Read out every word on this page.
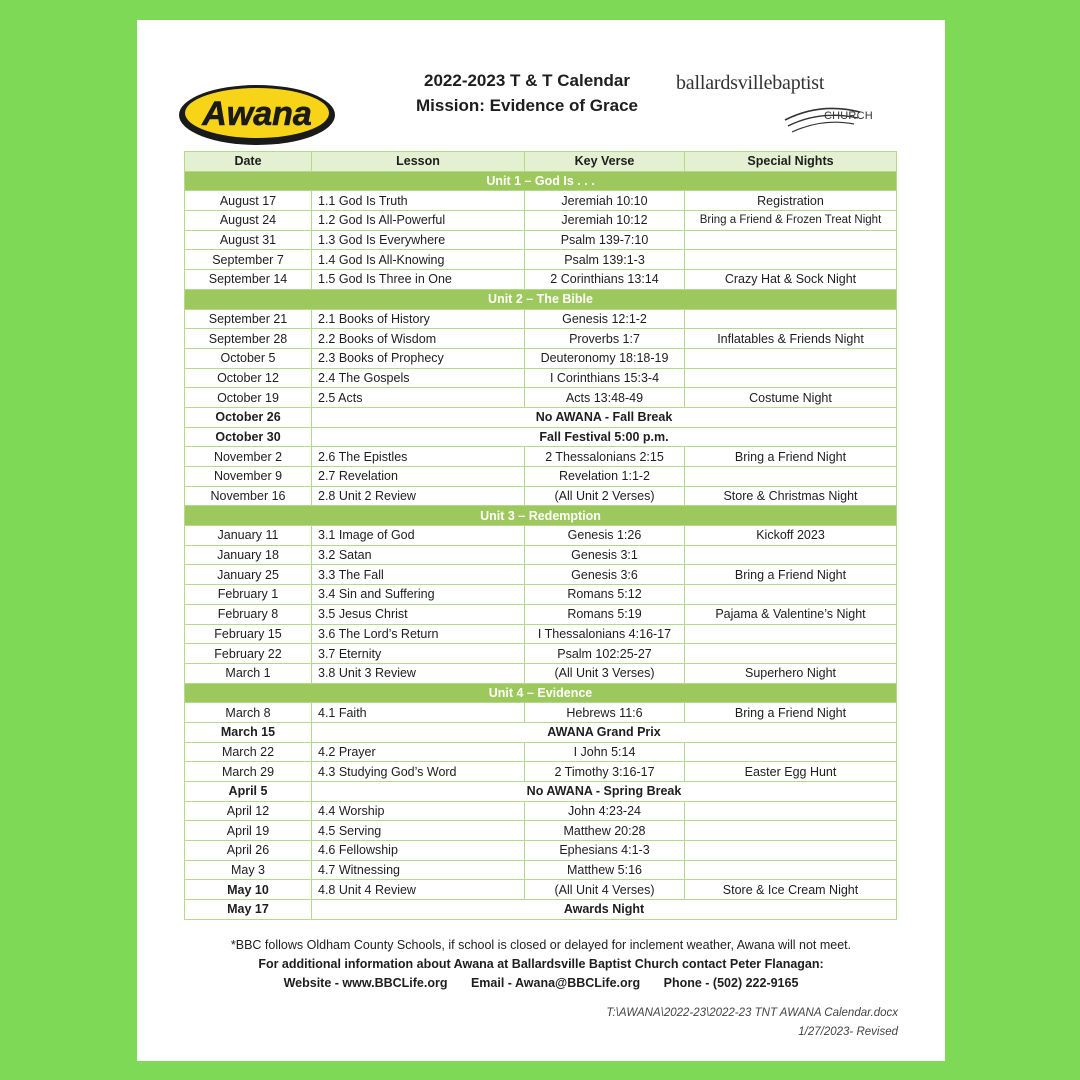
Awana
2022-2023 T & T Calendar
Mission: Evidence of Grace
ballardsvillebaptist
CHURCH
Date	Lesson	Key Verse	Special Nights
Unit 1 – God Is . . .			
August 17	1.1 God Is Truth	Jeremiah 10:10	Registration
August 24	1.2 God Is All-Powerful	Jeremiah 10:12	Bring a Friend & Frozen Treat Night
August 31	1.3 God Is Everywhere	Psalm 139-7:10	
September 7	1.4 God Is All-Knowing	Psalm 139:1-3	
September 14	1.5 God Is Three in One	2 Corinthians 13:14	Crazy Hat & Sock Night
Unit 2 – The Bible			
September 21	2.1 Books of History	Genesis 12:1-2	
September 28	2.2 Books of Wisdom	Proverbs 1:7	Inflatables & Friends Night
October 5	2.3 Books of Prophecy	Deuteronomy 18:18-19	
October 12	2.4 The Gospels	I Corinthians 15:3-4	
October 19	2.5 Acts	Acts 13:48-49	Costume Night
October 26	No AWANA - Fall Break		
October 30	Fall Festival 5:00 p.m.		
November 2	2.6 The Epistles	2 Thessalonians 2:15	Bring a Friend Night
November 9	2.7 Revelation	Revelation 1:1-2	
November 16	2.8 Unit 2 Review	(All Unit 2 Verses)	Store & Christmas Night
Unit 3 – Redemption			
January 11	3.1 Image of God	Genesis 1:26	Kickoff 2023
January 18	3.2 Satan	Genesis 3:1	
January 25	3.3 The Fall	Genesis 3:6	Bring a Friend Night
February 1	3.4 Sin and Suffering	Romans 5:12	
February 8	3.5 Jesus Christ	Romans 5:19	Pajama & Valentine’s Night
February 15	3.6 The Lord’s Return	I Thessalonians 4:16-17	
February 22	3.7 Eternity	Psalm 102:25-27	
March 1	3.8 Unit 3 Review	(All Unit 3 Verses)	Superhero Night
Unit 4 – Evidence			
March 8	4.1 Faith	Hebrews 11:6	Bring a Friend Night
March 15	AWANA Grand Prix		
March 22	4.2 Prayer	I John 5:14	
March 29	4.3 Studying God’s Word	2 Timothy 3:16-17	Easter Egg Hunt
April 5	No AWANA - Spring Break		
April 12	4.4 Worship	John 4:23-24	
April 19	4.5 Serving	Matthew 20:28	
April 26	4.6 Fellowship	Ephesians 4:1-3	
May 3	4.7 Witnessing	Matthew 5:16	
May 10	4.8 Unit 4 Review	(All Unit 4 Verses)	Store & Ice Cream Night
May 17	Awards Night		
*BBC follows Oldham County Schools, if school is closed or delayed for inclement weather, Awana will not meet.
For additional information about Awana at Ballardsville Baptist Church contact Peter Flanagan:
Website - www.BBCLife.org Email - Awana@BBCLife.org Phone - (502) 222-9165
T:\AWANA\2022-23\2022-23 TNT AWANA Calendar.docx
1/27/2023- Revised
